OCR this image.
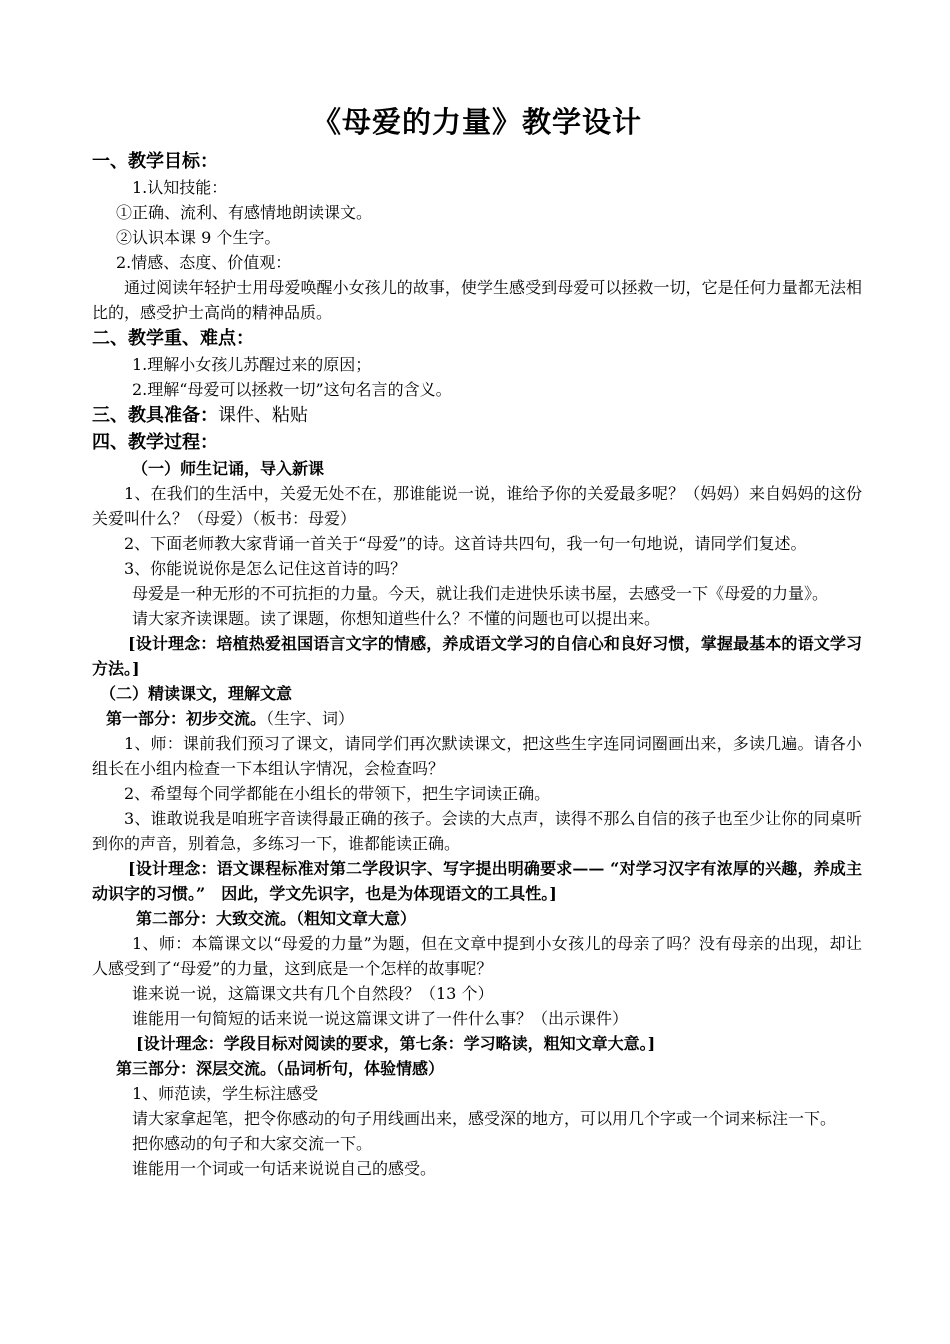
《母爱的力量》教学设计
一、教学目标：

1.认知技能：

①正确、流利、有感情地朗读课文。

②认识本课 9 个生字。

2.情感、态度、价值观：

通过阅读年轻护士用母爱唤醒小女孩儿的故事，使学生感受到母爱可以拯救一切，它是任何力量都无法相比的，感受护士高尚的精神品质。

二、教学重、难点：

1.理解小女孩儿苏醒过来的原因；

2.理解“母爱可以拯救一切”这句名言的含义。

三、教具准备：课件、粘贴
四、教学过程：

（一）师生记诵，导入新课

1、在我们的生活中，关爱无处不在，那谁能说一说，谁给予你的关爱最多呢？（妈妈）来自妈妈的这份关爱叫什么？（母爱）（板书：母爱）

2、下面老师教大家背诵一首关于“母爱”的诗。这首诗共四句，我一句一句地说，请同学们复述。

3、你能说说你是怎么记住这首诗的吗？

母爱是一种无形的不可抗拒的力量。今天，就让我们走进快乐读书屋，去感受一下《母爱的力量》。

请大家齐读课题。读了课题，你想知道些什么？不懂的问题也可以提出来。

[设计理念：培植热爱祖国语言文字的情感，养成语文学习的自信心和良好习惯，掌握最基本的语文学习方法。]

（二）精读课文，理解文意

第一部分：初步交流。（生字、词）

1、师：课前我们预习了课文，请同学们再次默读课文，把这些生字连同词圈画出来，多读几遍。请各小组长在小组内检查一下本组认字情况，会检查吗？

2、希望每个同学都能在小组长的带领下，把生字词读正确。

3、谁敢说我是咱班字音读得最正确的孩子。会读的大点声，读得不那么自信的孩子也至少让你的同桌听到你的声音，别着急，多练习一下，谁都能读正确。

[设计理念：语文课程标准对第二学段识字、写字提出明确要求—— “对学习汉字有浓厚的兴趣，养成主动识字的习惯。”　因此，学文先识字，也是为体现语文的工具性。]

第二部分：大致交流。（粗知文章大意）

1、师：本篇课文以“母爱的力量”为题，但在文章中提到小女孩儿的母亲了吗？没有母亲的出现，却让人感受到了“母爱”的力量，这到底是一个怎样的故事呢？

谁来说一说，这篇课文共有几个自然段？（13 个）

谁能用一句简短的话来说一说这篇课文讲了一件什么事？（出示课件）

[设计理念：学段目标对阅读的要求，第七条：学习略读，粗知文章大意。]

第三部分：深层交流。（品词析句，体验情感）

1、师范读，学生标注感受

请大家拿起笔，把令你感动的句子用线画出来，感受深的地方，可以用几个字或一个词来标注一下。

把你感动的句子和大家交流一下。

谁能用一个词或一句话来说说自己的感受。
